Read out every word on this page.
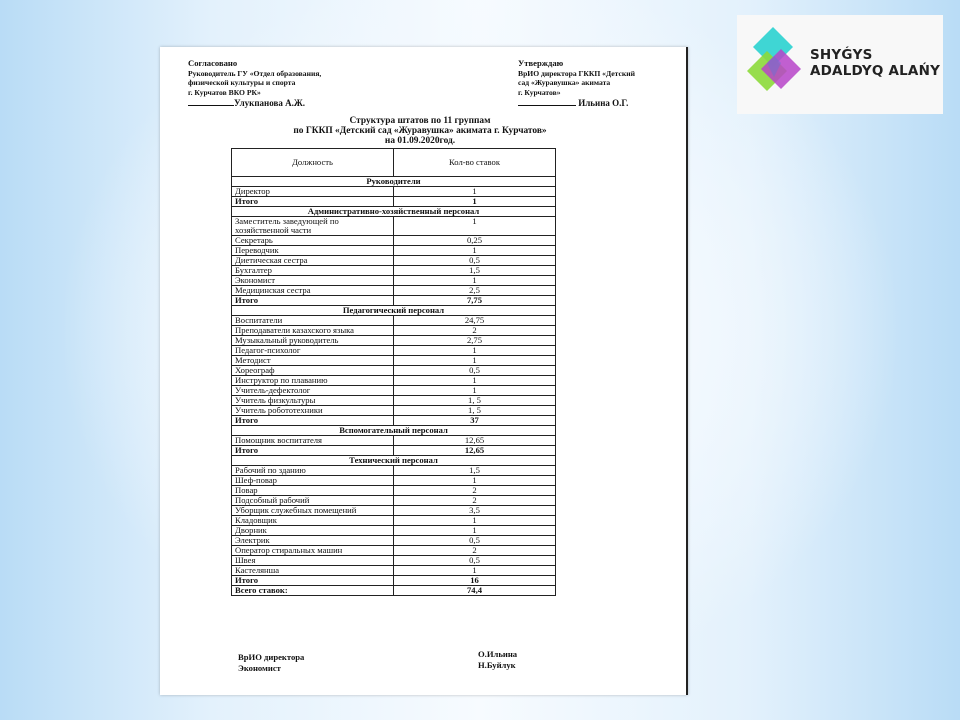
Согласовано
Руководитель ГУ «Отдел образования,
физической культуры и спорта
г. Курчатов ВКО РК»
Улукпанова А.Ж.
Утверждаю
ВрИО директора ГККП «Детский
сад «Журавушка» акимата
г. Курчатов»
Ильина О.Г.
Структура штатов по 11 группам
по ГККП «Детский сад «Журавушка» акимата г. Курчатов»
на 01.09.2020год.
Должность	Кол-во ставок
Руководители	
Директор	1
Итого	1
Административно-хозяйственный персонал	
Заместитель заведующей по хозяйственной части	1
Секретарь	0,25
Переводчик	1
Диетическая сестра	0,5
Бухгалтер	1,5
Экономист	1
Медицинская сестра	2,5
Итого	7,75
Педагогический персонал	
Воспитатели	24,75
Преподаватели казахского языка	2
Музыкальный руководитель	2,75
Педагог-психолог	1
Методист	1
Хореограф	0,5
Инструктор по плаванию	1
Учитель-дефектолог	1
Учитель физкультуры	1, 5
Учитель робототехники	1, 5
Итого	37
Вспомогательный персонал	
Помощник воспитателя	12,65
Итого	12,65
Технический персонал	
Рабочий по зданию	1,5
Шеф-повар	1
Повар	2
Подсобный рабочий	2
Уборщик служебных помещений	3,5
Кладовщик	1
Дворник	1
Электрик	0,5
Оператор стиральных машин	2
Швея	0,5
Кастелянша	1
Итого	16
Всего ставок:	74,4
ВрИО директора
Экономист
О.Ильина
Н.Буйлук
SHYǴYS
ADALDYQ ALAŃY
